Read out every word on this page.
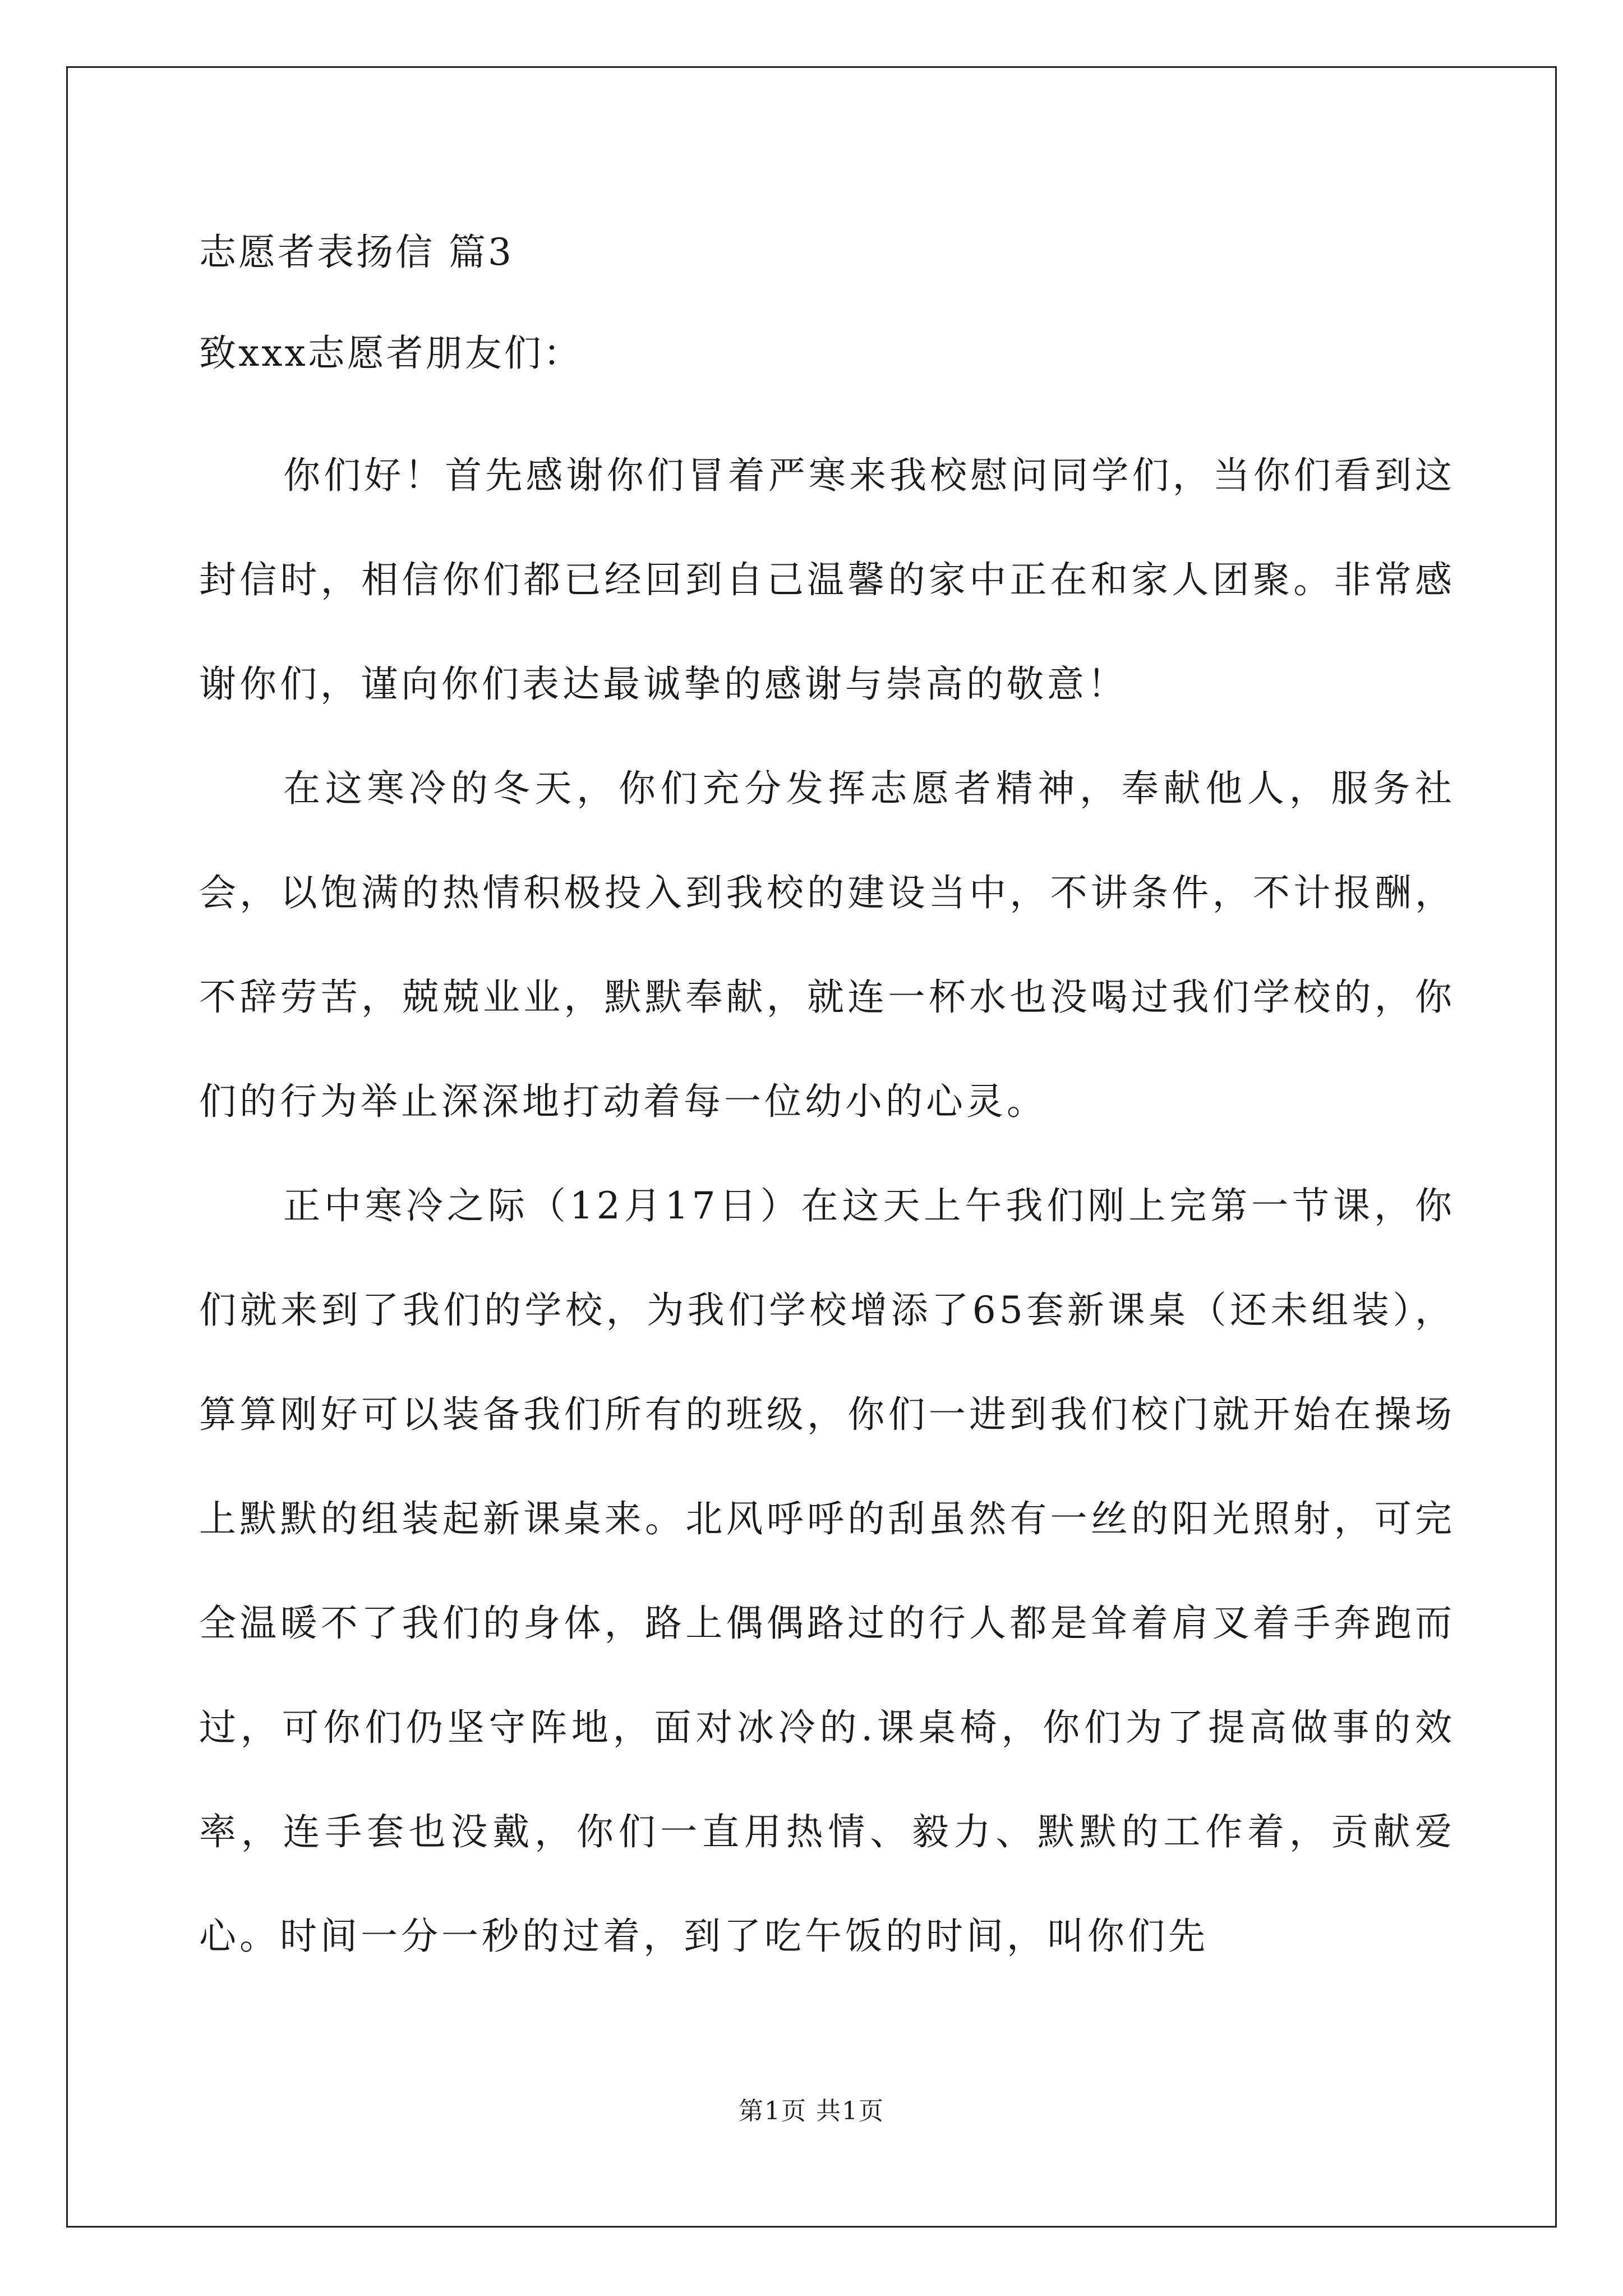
志愿者表扬信 篇3

致xxx志愿者朋友们：

你们好！首先感谢你们冒着严寒来我校慰问同学们，当你们看到这封信时，相信你们都已经回到自己温馨的家中正在和家人团聚。非常感谢你们，谨向你们表达最诚挚的感谢与崇高的敬意！

在这寒冷的冬天，你们充分发挥志愿者精神，奉献他人，服务社会，以饱满的热情积极投入到我校的建设当中，不讲条件，不计报酬，不辞劳苦，兢兢业业，默默奉献，就连一杯水也没喝过我们学校的，你们的行为举止深深地打动着每一位幼小的心灵。

正中寒冷之际（12月17日）在这天上午我们刚上完第一节课，你们就来到了我们的学校，为我们学校增添了65套新课桌（还未组装），算算刚好可以装备我们所有的班级，你们一进到我们校门就开始在操场上默默的组装起新课桌来。北风呼呼的刮虽然有一丝的阳光照射，可完全温暖不了我们的身体，路上偶偶路过的行人都是耸着肩叉着手奔跑而过，可你们仍坚守阵地，面对冰冷的.课桌椅，你们为了提高做事的效率，连手套也没戴，你们一直用热情、毅力、默默的工作着，贡献爱心。时间一分一秒的过着，到了吃午饭的时间，叫你们先

第1页 共1页
